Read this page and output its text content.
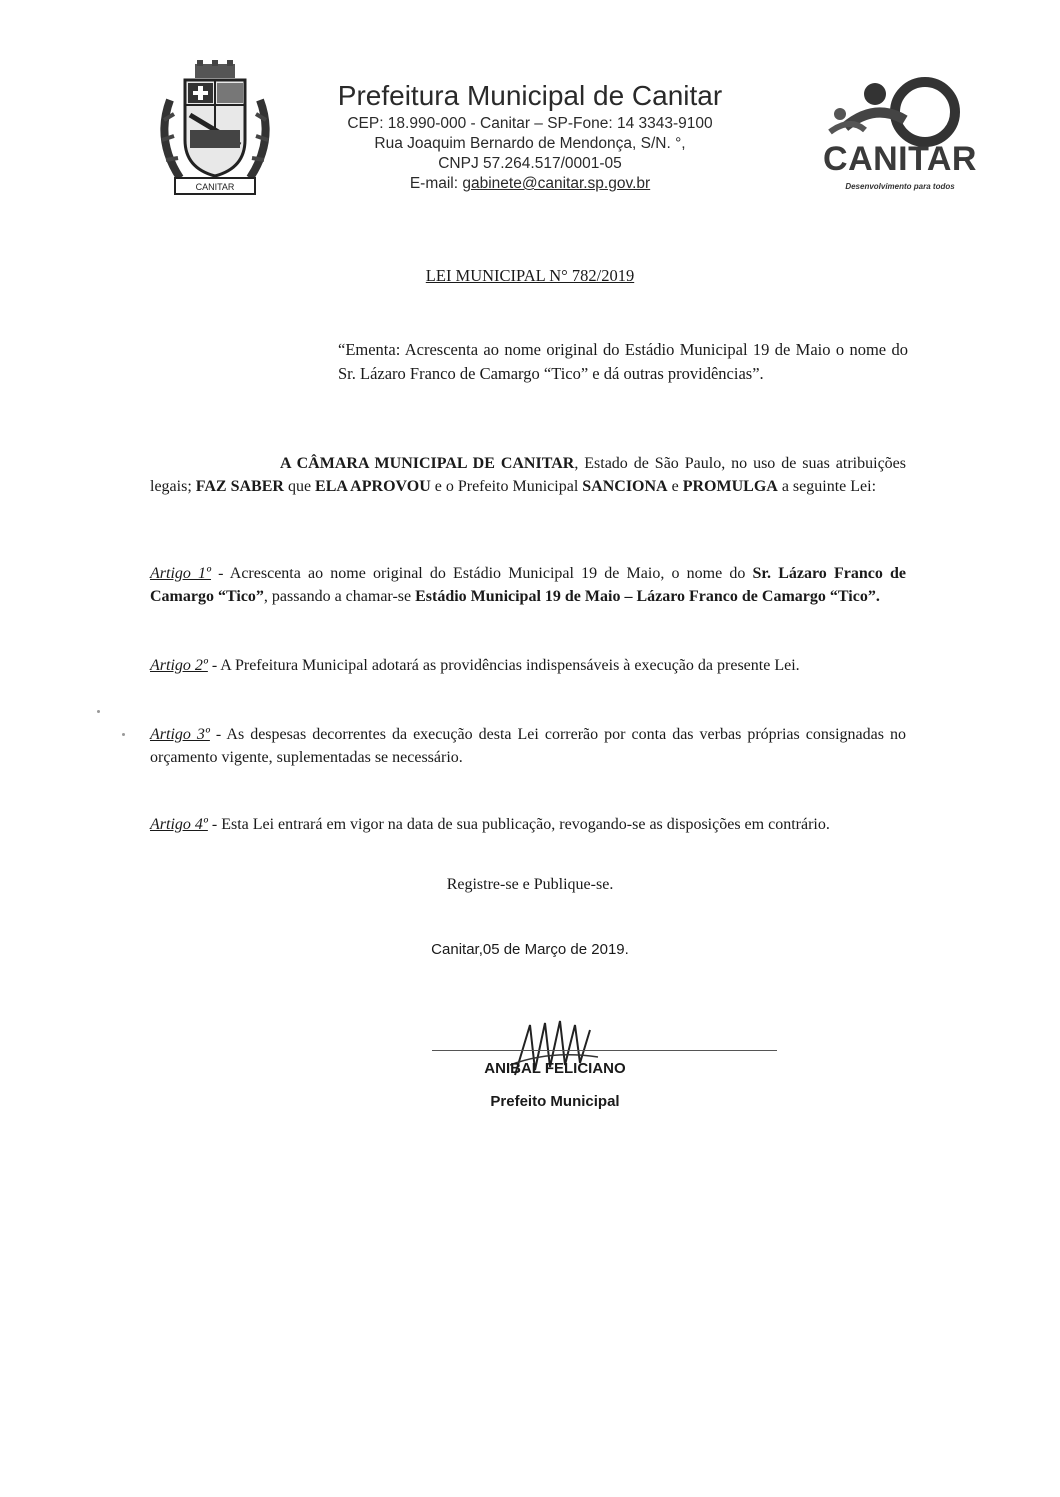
CANITAR

Prefeitura Municipal de Canitar

CEP: 18.990-000 - Canitar – SP-Fone: 14 3343-9100

Rua Joaquim Bernardo de Mendonça, S/N. °,

CNPJ 57.264.517/0001-05

E-mail: gabinete@canitar.sp.gov.br

CANITAR
Desenvolvimento para todos
LEI MUNICIPAL N° 782/2019
“Ementa: Acrescenta ao nome original do Estádio Municipal 19 de Maio o nome do Sr. Lázaro Franco de Camargo “Tico” e dá outras providências”.
A CÂMARA MUNICIPAL DE CANITAR, Estado de São Paulo, no uso de suas atribuições legais; FAZ SABER que ELA APROVOU e o Prefeito Municipal SANCIONA e PROMULGA a seguinte Lei:
Artigo 1º - Acrescenta ao nome original do Estádio Municipal 19 de Maio, o nome do Sr. Lázaro Franco de Camargo “Tico”, passando a chamar-se Estádio Municipal 19 de Maio – Lázaro Franco de Camargo “Tico”.
Artigo 2º - A Prefeitura Municipal adotará as providências indispensáveis à execução da presente Lei.
Artigo 3º - As despesas decorrentes da execução desta Lei correrão por conta das verbas próprias consignadas no orçamento vigente, suplementadas se necessário.
Artigo 4º - Esta Lei entrará em vigor na data de sua publicação, revogando-se as disposições em contrário.
Registre-se e Publique-se.
Canitar,05 de Março de 2019.
ANIBAL FELICIANO
Prefeito Municipal
